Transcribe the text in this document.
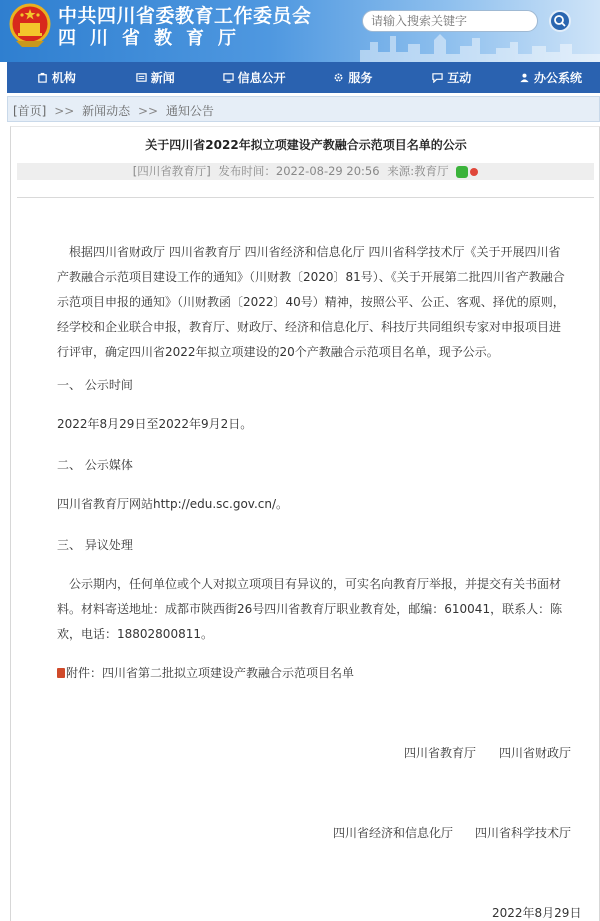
中共四川省委教育工作委员会
四川省教育厅
请输入搜索关键字
机构	新闻	信息公开	服务	互动	办公系统
[首页] >> 新闻动态 >> 通知公告
关于四川省2022年拟立项建设产教融合示范项目名单的公示
[四川省教育厅] 发布时间：2022-08-29 20:56 来源:教育厅
根据四川省财政厅 四川省教育厅 四川省经济和信息化厅 四川省科学技术厅《关于开展四川省产教融合示范项目建设工作的通知》（川财教〔2020〕81号）、《关于开展第二批四川省产教融合示范项目申报的通知》（川财教函〔2022〕40号）精神，按照公平、公正、客观、择优的原则，经学校和企业联合申报，教育厅、财政厅、经济和信息化厅、科技厅共同组织专家对申报项目进行评审，确定四川省2022年拟立项建设的20个产教融合示范项目名单，现予公示。
一、 公示时间
2022年8月29日至2022年9月2日。
二、 公示媒体
四川省教育厅网站http://edu.sc.gov.cn/。
三、 异议处理
公示期内，任何单位或个人对拟立项项目有异议的，可实名向教育厅举报，并提交有关书面材料。材料寄送地址：成都市陕西街26号四川省教育厅职业教育处，邮编：610041，联系人：陈欢，电话：18802800811。
附件：四川省第二批拟立项建设产教融合示范项目名单
四川省教育厅 四川省财政厅
四川省经济和信息化厅 四川省科学技术厅
2022年8月29日
